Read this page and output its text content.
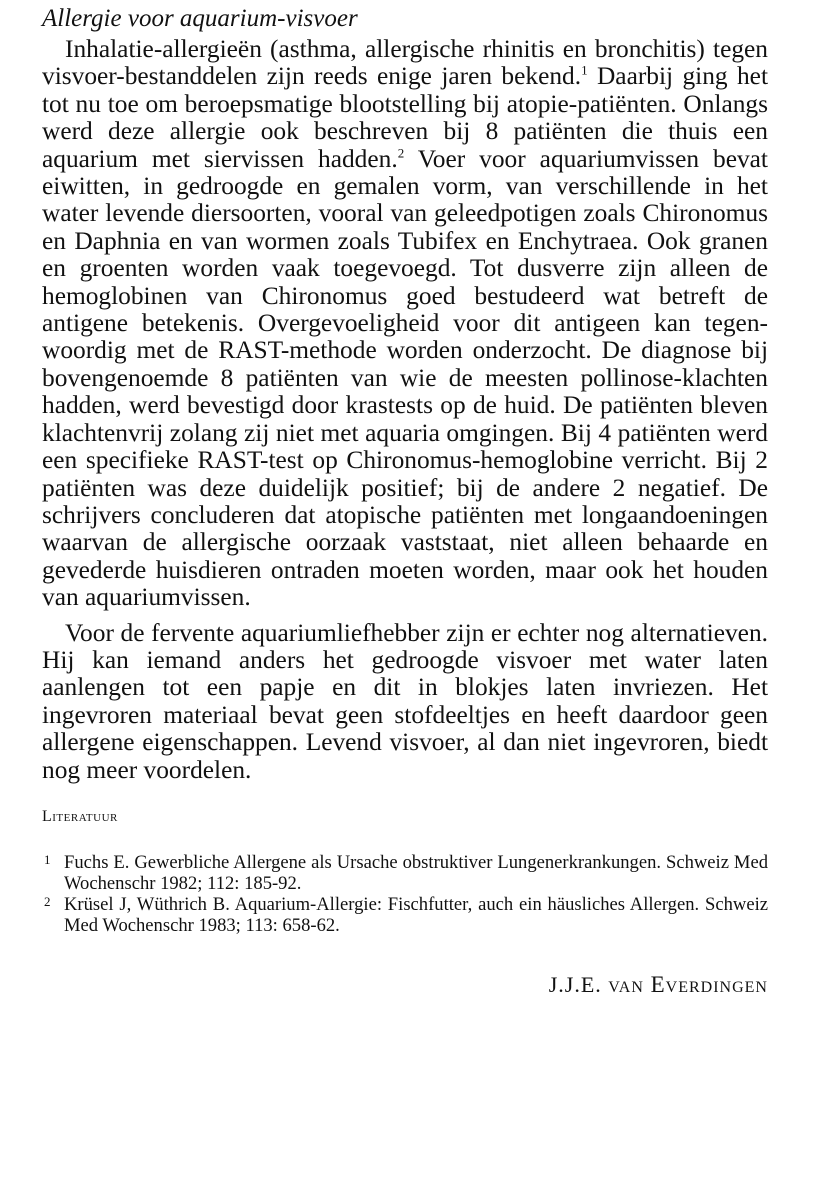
Allergie voor aquarium-visvoer

Inhalatie-allergieën (asthma, allergische rhinitis en bronchitis) tegen visvoer-bestanddelen zijn reeds enige jaren bekend.$^1$ Daarbij ging het tot nu toe om beroepsmatige blootstelling bij atopie-patiënten. Onlangs werd deze allergie ook beschreven bij 8 patiënten die thuis een aquarium met siervissen hadden.$^2$ Voer voor aquariumvissen bevat eiwitten, in gedroogde en gemalen vorm, van verschillende in het water levende diersoorten, vooral van geleedpotigen zoals Chironomus en Daphnia en van wormen zoals Tubifex en Enchytraea. Ook granen en groenten worden vaak toegevoegd. Tot dusverre zijn alleen de hemoglobinen van Chironomus goed bestudeerd wat betreft de antigene betekenis. Overgevoeligheid voor dit antigeen kan tegenwoordig met de RAST-methode worden onderzocht. De diagnose bij bovengenoemde 8 patiënten van wie de meesten pollinose-klachten hadden, werd bevestigd door krastests op de huid. De patiënten bleven klachtenvrij zolang zij niet met aquaria omgingen. Bij 4 patiënten werd een specifieke RAST-test op Chironomus-hemoglobine verricht. Bij 2 patiënten was deze duidelijk positief; bij de andere 2 negatief. De schrijvers concluderen dat atopische patiënten met longaandoeningen waarvan de allergische oorzaak vaststaat, niet alleen behaarde en gevederde huisdieren ontraden moeten worden, maar ook het houden van aquariumvissen.

Voor de fervente aquariumliefhebber zijn er echter nog alternatieven. Hij kan iemand anders het gedroogde visvoer met water laten aanlengen tot een papje en dit in blokjes laten invriezen. Het ingevroren materiaal bevat geen stofdeeltjes en heeft daardoor geen allergene eigenschappen. Levend visvoer, al dan niet ingevroren, biedt nog meer voordelen.

Literatuur
1 Fuchs E. Gewerbliche Allergene als Ursache obstruktiver Lungenerkrankungen. Schweiz Med Wochenschr 1982; 112: 185-92.
2 Krüsel J, Wüthrich B. Aquarium-Allergie: Fischfutter, auch ein häusliches Allergen. Schweiz Med Wochenschr 1983; 113: 658-62.
J.J.E. van Everdingen
